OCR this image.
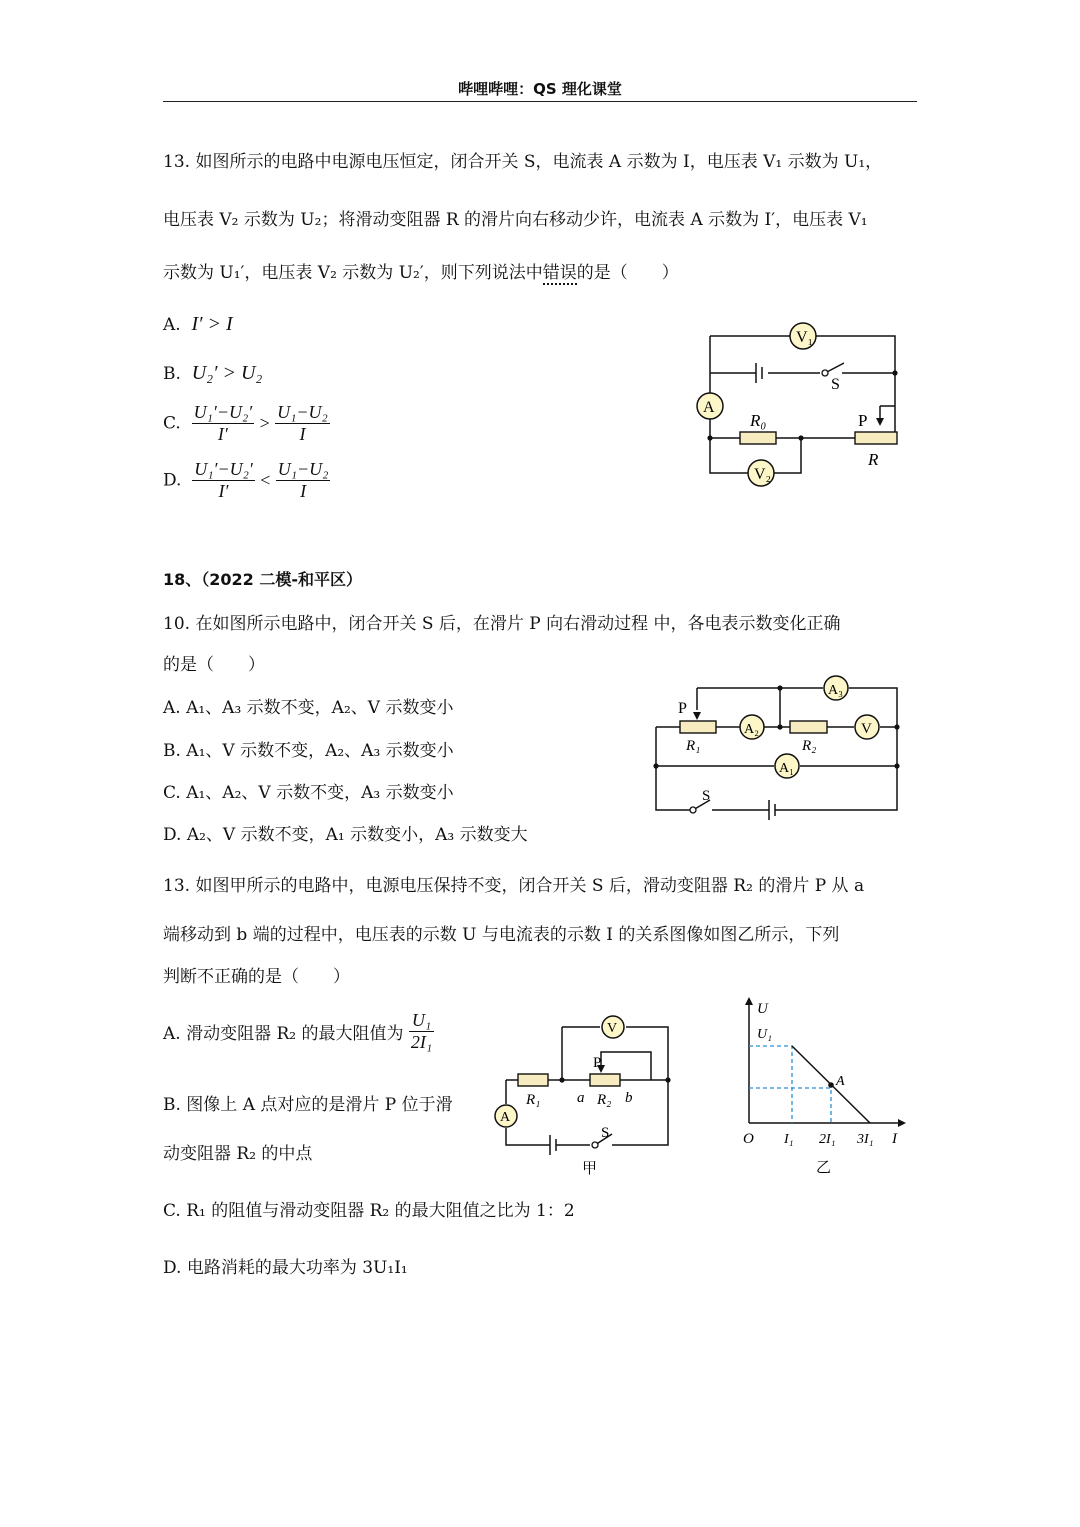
哔哩哔哩：QS 理化课堂
13. 如图所示的电路中电源电压恒定，闭合开关 S，电流表 A 示数为 I，电压表 V₁ 示数为 U₁，
电压表 V₂ 示数为 U₂；将滑动变阻器 R 的滑片向右移动少许，电流表 A 示数为 I′，电压表 V₁
示数为 U₁′，电压表 V₂ 示数为 U₂′，则下列说法中错误的是（　　）
A. I′ > I
B. U₂′ > U₂
C. $\frac{\text{U₁′−U₂′}}{I'} > \frac{\text{U₁−U₂}}{I}$
D. $\frac{\text{U₁′−U₂′}}{I'} < \frac{\text{U₁−U₂}}{I}$
V₁
A
V₂
S
P
R₀
R
18、（2022 二模-和平区）
10. 在如图所示电路中，闭合开关 S 后，在滑片 P 向右滑动过程 中，各电表示数变化正确
的是（　　）
A. A₁、A₃ 示数不变，A₂、V 示数变小
B. A₁、V 示数不变，A₂、A₃ 示数变小
C. A₁、A₂、V 示数不变，A₃ 示数变小
D. A₂、V 示数不变，A₁ 示数变小，A₃ 示数变大
A₃
A₂	V
A₁
P
R₁	R₂
S
13. 如图甲所示的电路中，电源电压保持不变，闭合开关 S 后，滑动变阻器 R₂ 的滑片 P 从 a
端移动到 b 端的过程中，电压表的示数 U 与电流表的示数 I 的关系图像如图乙所示，下列
判断不正确的是（　　）
A. 滑动变阻器 R₂ 的最大阻值为 $\frac{\text{U₁}}{\text{2I₁}}$
B. 图像上 A 点对应的是滑片 P 位于滑
动变阻器 R₂ 的中点
C. R₁ 的阻值与滑动变阻器 R₂ 的最大阻值之比为 1：2
D. 电路消耗的最大功率为 3U₁I₁
V
A
P
R₁ a R₂ b
S
甲
U
U₁
A
O I₁ 2I₁ 3I₁ I
乙
